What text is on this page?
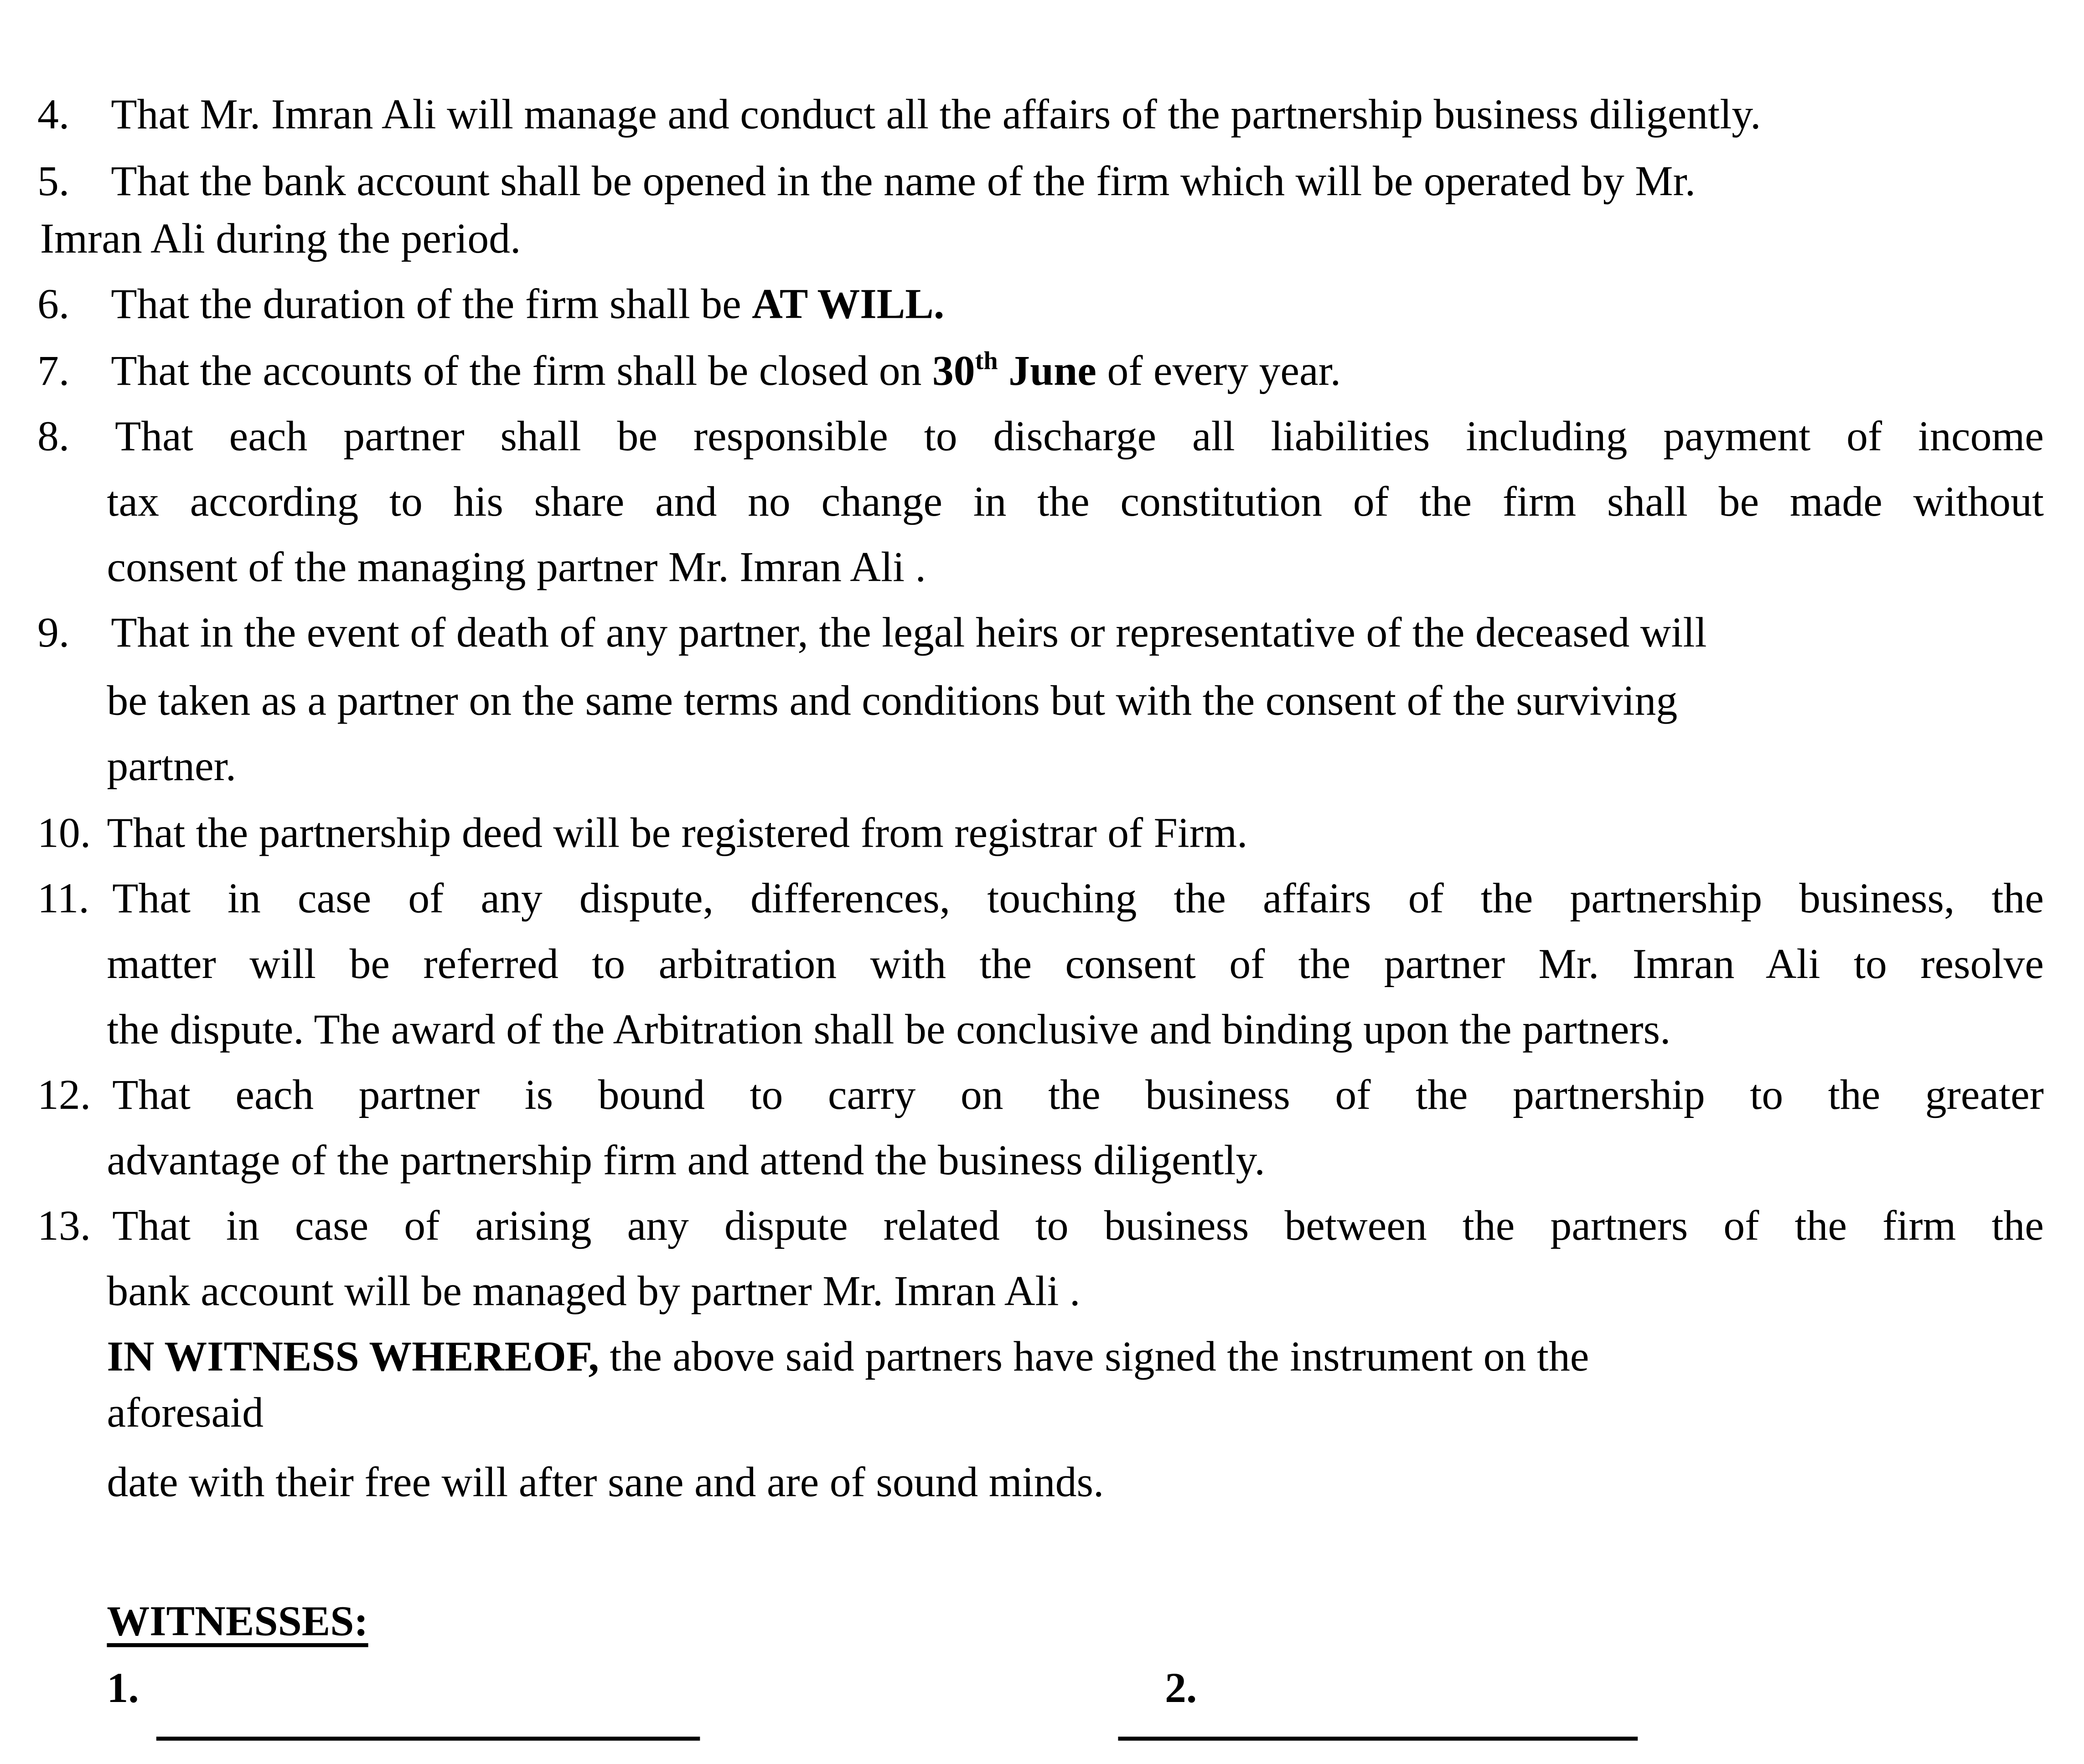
4.	That Mr. Imran Ali will manage and conduct all the affairs of the partnership business diligently.
5.	That the bank account shall be opened in the name of the firm which will be operated by Mr.
Imran Ali during the period.
6.	That the duration of the firm shall be AT WILL.
7.	That the accounts of the firm shall be closed on 30th June of every year.
8.	That each partner shall be responsible to discharge all liabilities including payment of income
tax according to his share and no change in the constitution of the firm shall be made without
consent of the managing partner Mr. Imran Ali .
9.	That in the event of death of any partner, the legal heirs or representative of the deceased will
be taken as a partner on the same terms and conditions but with the consent of the surviving
partner.
10. That the partnership deed will be registered from registrar of Firm.
11. That in case of any dispute, differences, touching the affairs of the partnership business, the
matter will be referred to arbitration with the consent of the partner Mr. Imran Ali to resolve
the dispute. The award of the Arbitration shall be conclusive and binding upon the partners.
12. That each partner is bound to carry on the business of the partnership to the greater
advantage of the partnership firm and attend the business diligently.
13. That in case of arising any dispute related to business between the partners of the firm the
bank account will be managed by partner Mr. Imran Ali .
IN WITNESS WHEREOF, the above said partners have signed the instrument on the
aforesaid
date with their free will after sane and are of sound minds.
WITNESSES:
1.	2.
